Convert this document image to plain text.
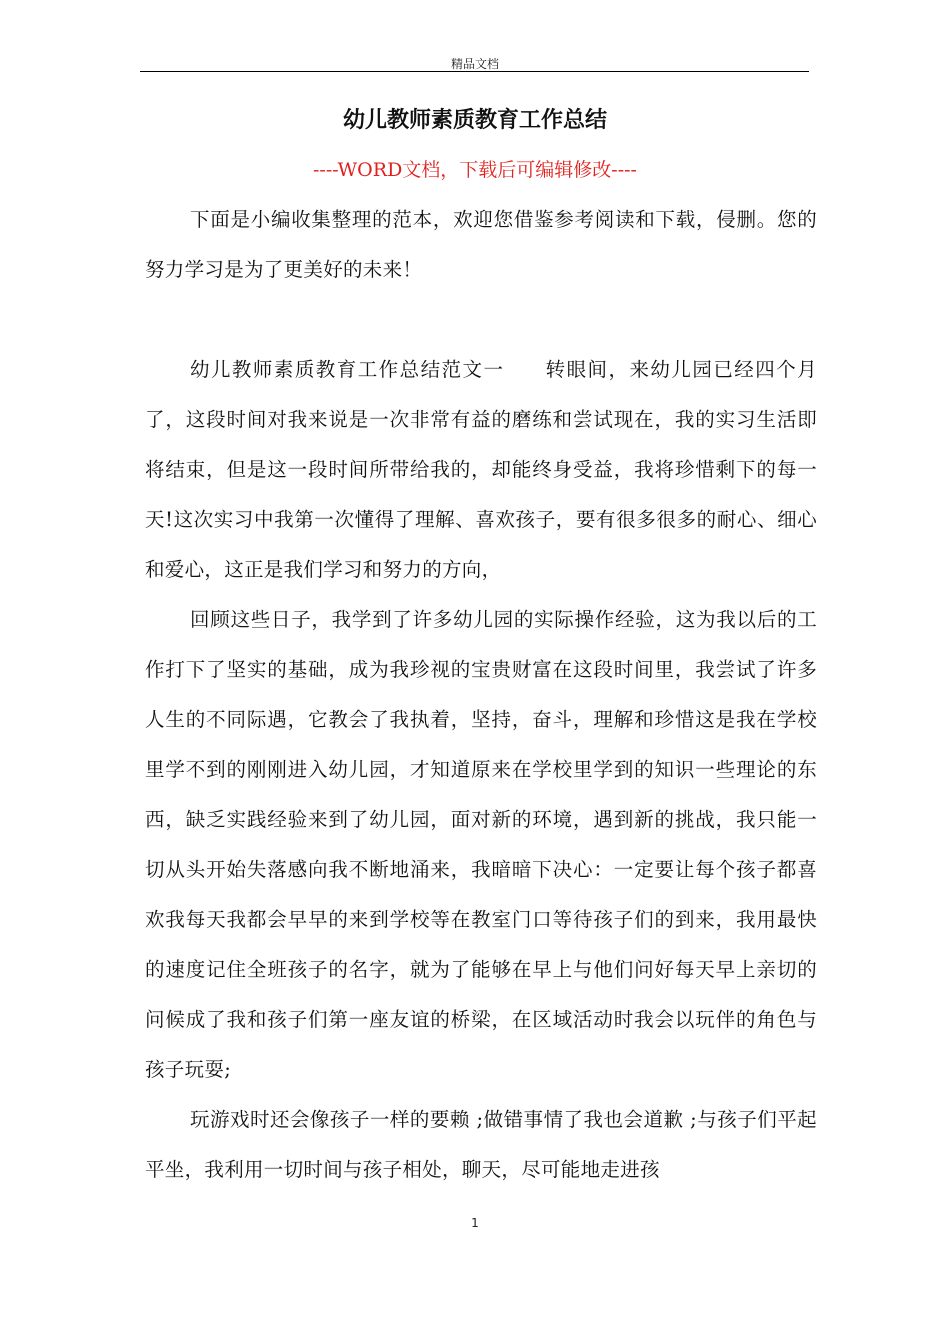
精品文档
幼儿教师素质教育工作总结
----WORD文档，下载后可编辑修改----

下面是小编收集整理的范本，欢迎您借鉴参考阅读和下载，侵删。您的努力学习是为了更美好的未来！

幼儿教师素质教育工作总结范文一 转眼间，来幼儿园已经四个月了，这段时间对我来说是一次非常有益的磨练和尝试现在，我的实习生活即将结束，但是这一段时间所带给我的，却能终身受益，我将珍惜剩下的每一天!这次实习中我第一次懂得了理解、喜欢孩子，要有很多很多的耐心、细心和爱心，这正是我们学习和努力的方向，

回顾这些日子，我学到了许多幼儿园的实际操作经验，这为我以后的工作打下了坚实的基础，成为我珍视的宝贵财富在这段时间里，我尝试了许多人生的不同际遇，它教会了我执着，坚持，奋斗，理解和珍惜这是我在学校里学不到的刚刚进入幼儿园，才知道原来在学校里学到的知识一些理论的东西，缺乏实践经验来到了幼儿园，面对新的环境，遇到新的挑战，我只能一切从头开始失落感向我不断地涌来，我暗暗下决心：一定要让每个孩子都喜欢我每天我都会早早的来到学校等在教室门口等待孩子们的到来，我用最快的速度记住全班孩子的名字，就为了能够在早上与他们问好每天早上亲切的问候成了我和孩子们第一座友谊的桥梁，在区域活动时我会以玩伴的角色与孩子玩耍;

玩游戏时还会像孩子一样的要赖 ;做错事情了我也会道歉 ;与孩子们平起平坐，我利用一切时间与孩子相处，聊天，尽可能地走进孩

1
